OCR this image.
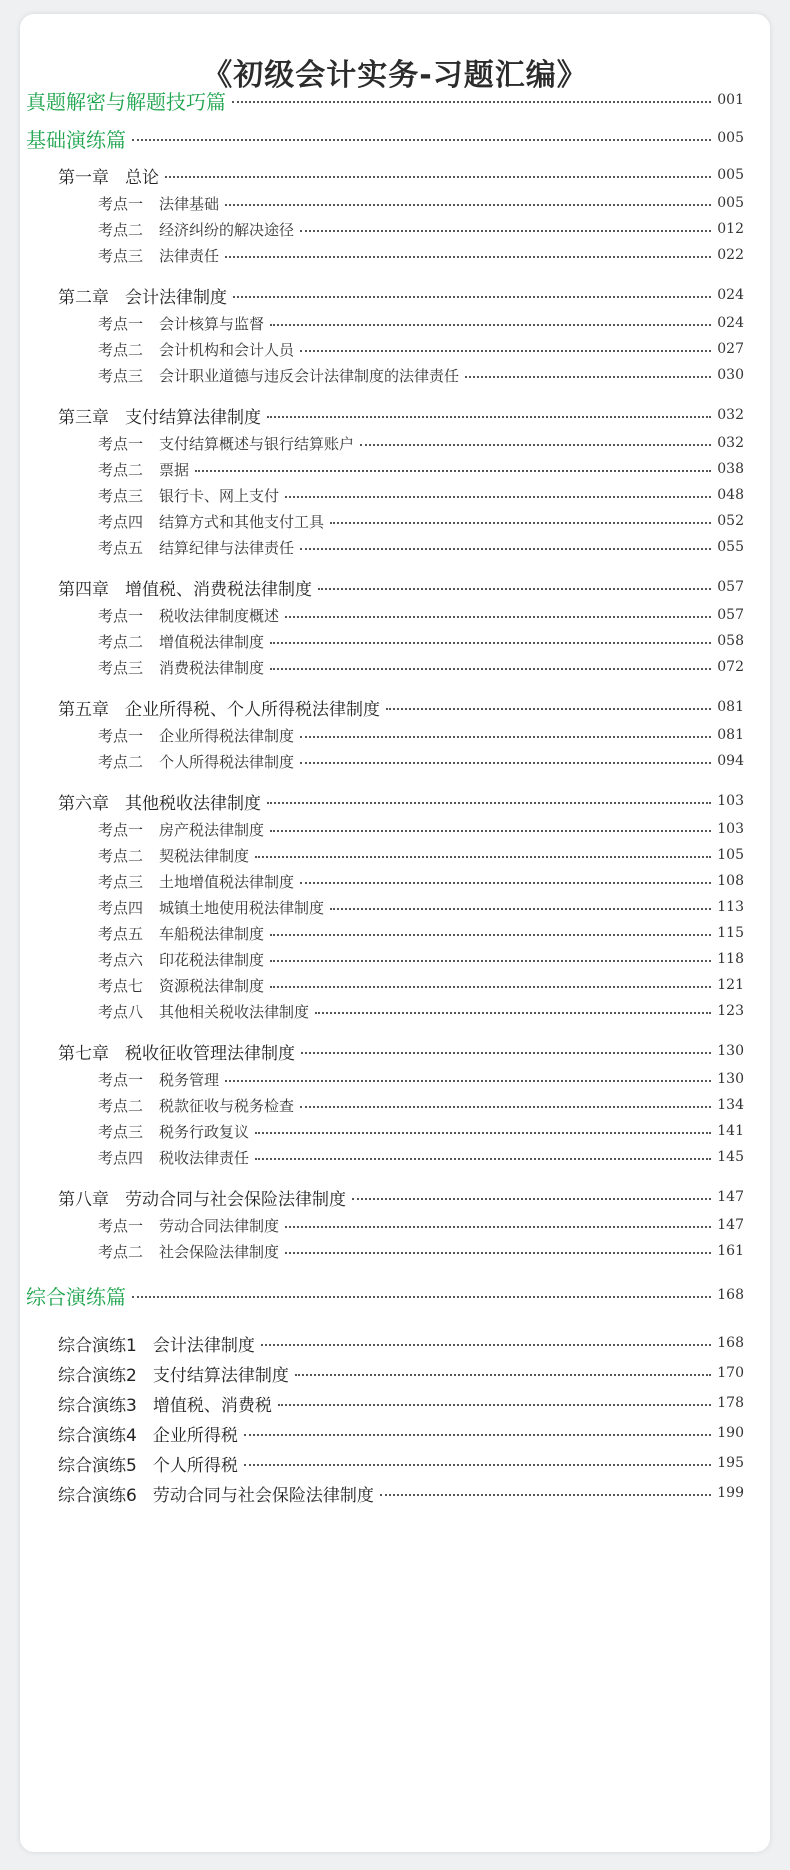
《初级会计实务-习题汇编》
真题解密与解题技巧篇	001
基础演练篇	005
第一章 总论	005
考点一 法律基础	005
考点二 经济纠纷的解决途径	012
考点三 法律责任	022
第二章 会计法律制度	024
考点一 会计核算与监督	024
考点二 会计机构和会计人员	027
考点三 会计职业道德与违反会计法律制度的法律责任	030
第三章 支付结算法律制度	032
考点一 支付结算概述与银行结算账户	032
考点二 票据	038
考点三 银行卡、网上支付	048
考点四 结算方式和其他支付工具	052
考点五 结算纪律与法律责任	055
第四章 增值税、消费税法律制度	057
考点一 税收法律制度概述	057
考点二 增值税法律制度	058
考点三 消费税法律制度	072
第五章 企业所得税、个人所得税法律制度	081
考点一 企业所得税法律制度	081
考点二 个人所得税法律制度	094
第六章 其他税收法律制度	103
考点一 房产税法律制度	103
考点二 契税法律制度	105
考点三 土地增值税法律制度	108
考点四 城镇土地使用税法律制度	113
考点五 车船税法律制度	115
考点六 印花税法律制度	118
考点七 资源税法律制度	121
考点八 其他相关税收法律制度	123
第七章 税收征收管理法律制度	130
考点一 税务管理	130
考点二 税款征收与税务检查	134
考点三 税务行政复议	141
考点四 税收法律责任	145
第八章 劳动合同与社会保险法律制度	147
考点一 劳动合同法律制度	147
考点二 社会保险法律制度	161
综合演练篇	168
综合演练1 会计法律制度	168
综合演练2 支付结算法律制度	170
综合演练3 增值税、消费税	178
综合演练4 企业所得税	190
综合演练5 个人所得税	195
综合演练6 劳动合同与社会保险法律制度	199
